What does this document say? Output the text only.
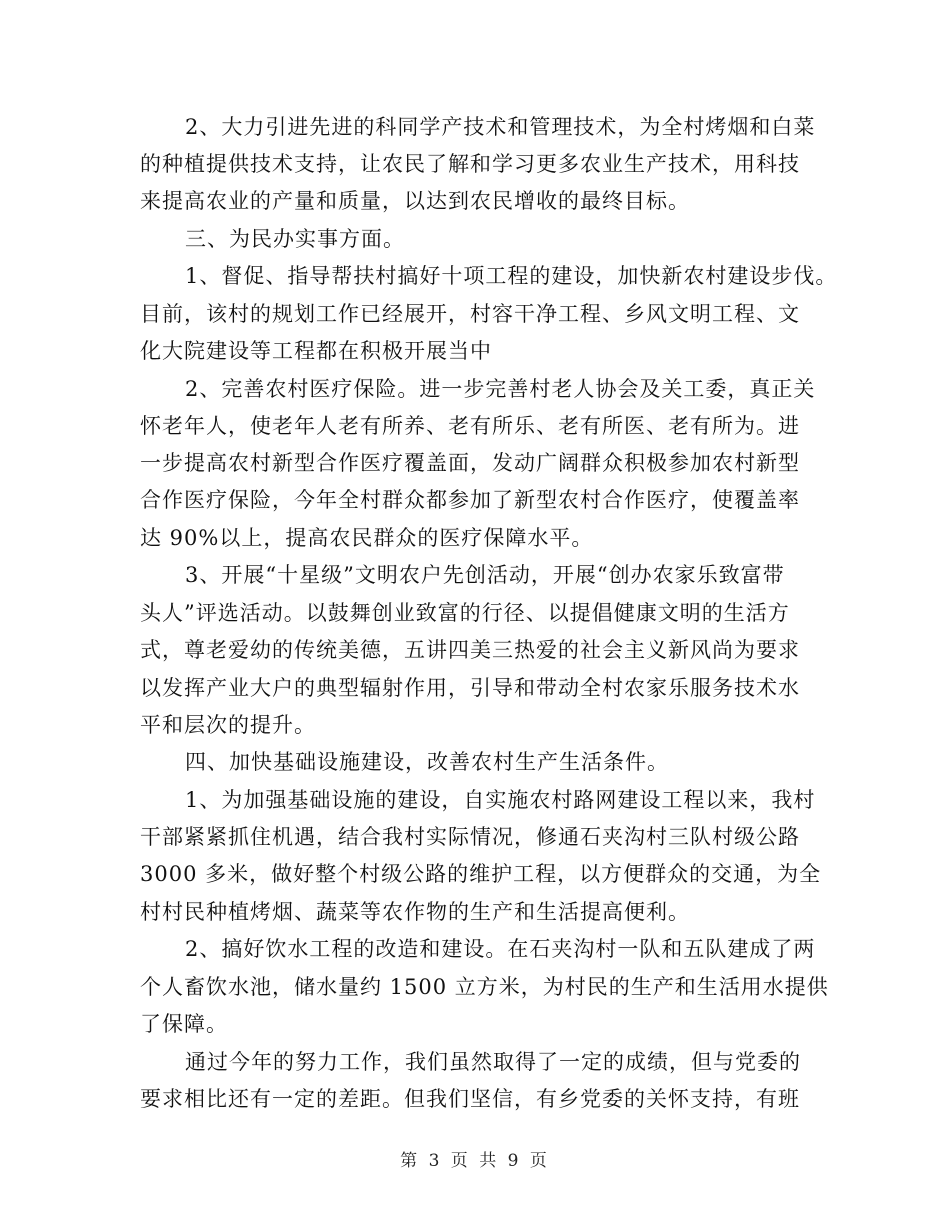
2、大力引进先进的科同学产技术和管理技术，为全村烤烟和白菜
的种植提供技术支持，让农民了解和学习更多农业生产技术，用科技
来提高农业的产量和质量，以达到农民增收的最终目标。
三、为民办实事方面。
1、督促、指导帮扶村搞好十项工程的建设，加快新农村建设步伐。
目前，该村的规划工作已经展开，村容干净工程、乡风文明工程、文
化大院建设等工程都在积极开展当中
2、完善农村医疗保险。进一步完善村老人协会及关工委，真正关
怀老年人，使老年人老有所养、老有所乐、老有所医、老有所为。进
一步提高农村新型合作医疗覆盖面，发动广阔群众积极参加农村新型
合作医疗保险，今年全村群众都参加了新型农村合作医疗，使覆盖率
达 90%以上，提高农民群众的医疗保障水平。
3、开展“十星级”文明农户先创活动，开展“创办农家乐致富带
头人”评选活动。以鼓舞创业致富的行径、以提倡健康文明的生活方
式，尊老爱幼的传统美德，五讲四美三热爱的社会主义新风尚为要求
以发挥产业大户的典型辐射作用，引导和带动全村农家乐服务技术水
平和层次的提升。
四、加快基础设施建设，改善农村生产生活条件。
1、为加强基础设施的建设，自实施农村路网建设工程以来，我村
干部紧紧抓住机遇，结合我村实际情况，修通石夹沟村三队村级公路
3000 多米，做好整个村级公路的维护工程，以方便群众的交通，为全
村村民种植烤烟、蔬菜等农作物的生产和生活提高便利。
2、搞好饮水工程的改造和建设。在石夹沟村一队和五队建成了两
个人畜饮水池，储水量约 1500 立方米，为村民的生产和生活用水提供
了保障。
通过今年的努力工作，我们虽然取得了一定的成绩，但与党委的
要求相比还有一定的差距。但我们坚信，有乡党委的关怀支持，有班
第 3 页 共 9 页
